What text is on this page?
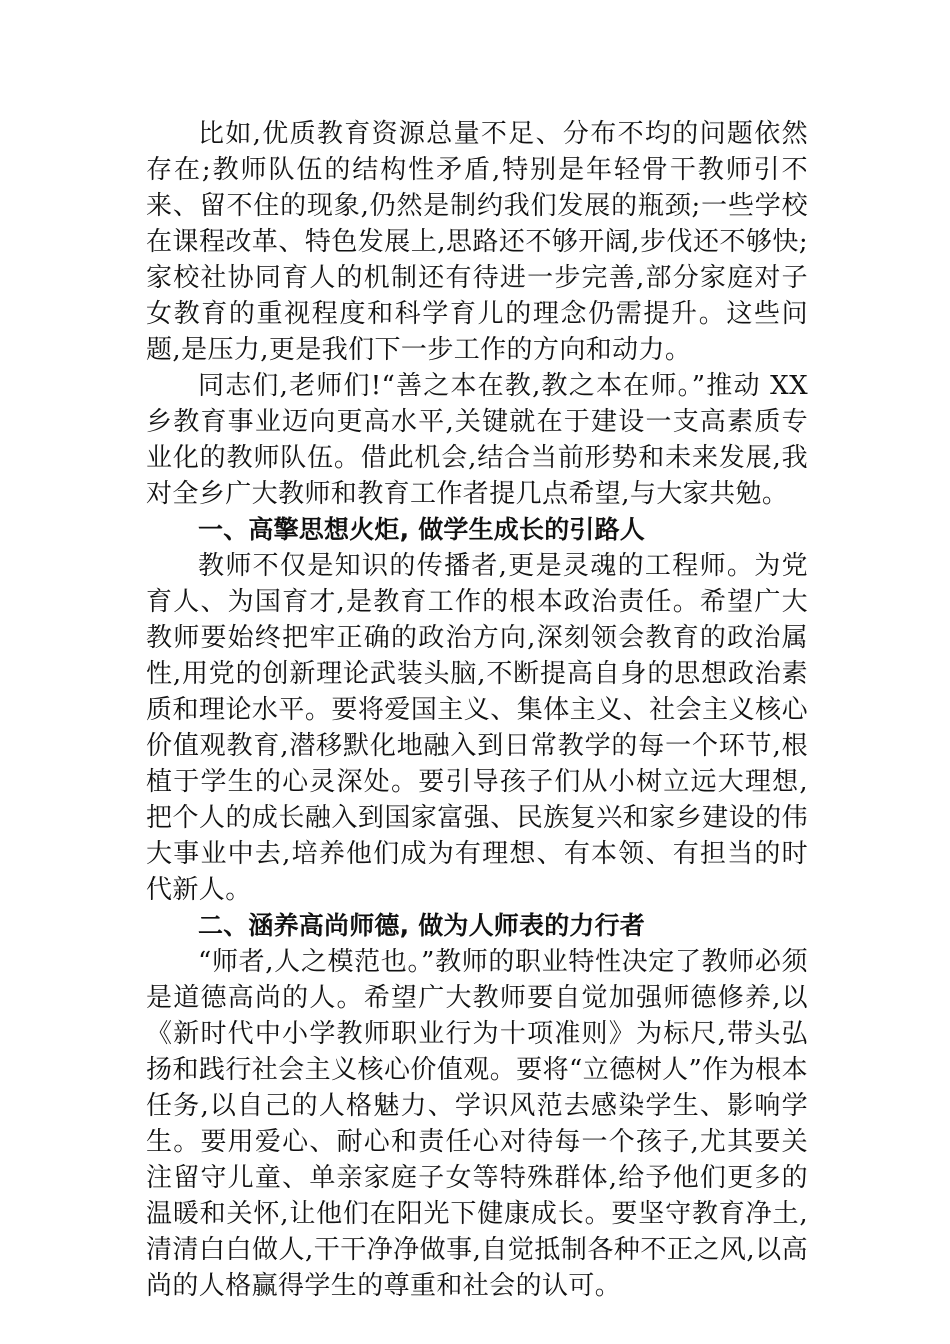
比如,优质教育资源总量不足、分布不均的问题依然存在;教师队伍的结构性矛盾,特别是年轻骨干教师引不来、留不住的现象,仍然是制约我们发展的瓶颈;一些学校在课程改革、特色发展上,思路还不够开阔,步伐还不够快;家校社协同育人的机制还有待进一步完善,部分家庭对子女教育的重视程度和科学育儿的理念仍需提升。这些问题,是压力,更是我们下一步工作的方向和动力。

同志们,老师们!“善之本在教,教之本在师。”推动 XX 乡教育事业迈向更高水平,关键就在于建设一支高素质专业化的教师队伍。借此机会,结合当前形势和未来发展,我对全乡广大教师和教育工作者提几点希望,与大家共勉。

一、高擎思想火炬, 做学生成长的引路人

教师不仅是知识的传播者,更是灵魂的工程师。为党育人、为国育才,是教育工作的根本政治责任。希望广大教师要始终把牢正确的政治方向,深刻领会教育的政治属性,用党的创新理论武装头脑,不断提高自身的思想政治素质和理论水平。要将爱国主义、集体主义、社会主义核心价值观教育,潜移默化地融入到日常教学的每一个环节,根植于学生的心灵深处。要引导孩子们从小树立远大理想,把个人的成长融入到国家富强、民族复兴和家乡建设的伟大事业中去,培养他们成为有理想、有本领、有担当的时代新人。

二、涵养高尚师德, 做为人师表的力行者

“师者,人之模范也。”教师的职业特性决定了教师必须是道德高尚的人。希望广大教师要自觉加强师德修养,以《新时代中小学教师职业行为十项准则》为标尺,带头弘扬和践行社会主义核心价值观。要将“立德树人”作为根本任务,以自己的人格魅力、学识风范去感染学生、影响学生。要用爱心、耐心和责任心对待每一个孩子,尤其要关注留守儿童、单亲家庭子女等特殊群体,给予他们更多的温暖和关怀,让他们在阳光下健康成长。要坚守教育净土,清清白白做人,干干净净做事,自觉抵制各种不正之风,以高尚的人格赢得学生的尊重和社会的认可。
